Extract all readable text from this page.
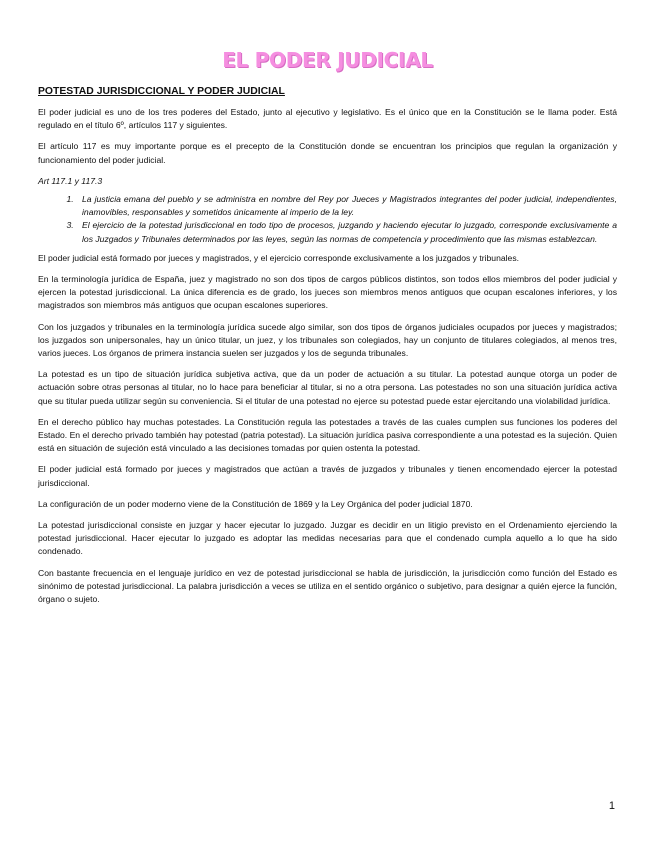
EL PODER JUDICIAL
POTESTAD JURISDICCIONAL Y PODER JUDICIAL

El poder judicial es uno de los tres poderes del Estado, junto al ejecutivo y legislativo. Es el único que en la Constitución se le llama poder. Está regulado en el título 6º, artículos 117 y siguientes.

El artículo 117 es muy importante porque es el precepto de la Constitución donde se encuentran los principios que regulan la organización y funcionamiento del poder judicial.

Art 117.1 y 117.3

1. La justicia emana del pueblo y se administra en nombre del Rey por Jueces y Magistrados integrantes del poder judicial, independientes, inamovibles, responsables y sometidos únicamente al imperio de la ley.
3. El ejercicio de la potestad jurisdiccional en todo tipo de procesos, juzgando y haciendo ejecutar lo juzgado, corresponde exclusivamente a los Juzgados y Tribunales determinados por las leyes, según las normas de competencia y procedimiento que las mismas establezcan.

El poder judicial está formado por jueces y magistrados, y el ejercicio corresponde exclusivamente a los juzgados y tribunales.

En la terminología jurídica de España, juez y magistrado no son dos tipos de cargos públicos distintos, son todos ellos miembros del poder judicial y ejercen la potestad jurisdiccional. La única diferencia es de grado, los jueces son miembros menos antiguos que ocupan escalones inferiores, y los magistrados son miembros más antiguos que ocupan escalones superiores.

Con los juzgados y tribunales en la terminología jurídica sucede algo similar, son dos tipos de órganos judiciales ocupados por jueces y magistrados; los juzgados son unipersonales, hay un único titular, un juez, y los tribunales son colegiados, hay un conjunto de titulares colegiados, al menos tres, varios jueces. Los órganos de primera instancia suelen ser juzgados y los de segunda tribunales.

La potestad es un tipo de situación jurídica subjetiva activa, que da un poder de actuación a su titular. La potestad aunque otorga un poder de actuación sobre otras personas al titular, no lo hace para beneficiar al titular, si no a otra persona. Las potestades no son una situación jurídica activa que su titular pueda utilizar según su conveniencia. Si el titular de una potestad no ejerce su potestad puede estar ejercitando una violabilidad jurídica.

En el derecho público hay muchas potestades. La Constitución regula las potestades a través de las cuales cumplen sus funciones los poderes del Estado. En el derecho privado también hay potestad (patria potestad). La situación jurídica pasiva correspondiente a una potestad es la sujeción. Quien está en situación de sujeción está vinculado a las decisiones tomadas por quien ostenta la potestad.

El poder judicial está formado por jueces y magistrados que actúan a través de juzgados y tribunales y tienen encomendado ejercer la potestad jurisdiccional.

La configuración de un poder moderno viene de la Constitución de 1869 y la Ley Orgánica del poder judicial 1870.

La potestad jurisdiccional consiste en juzgar y hacer ejecutar lo juzgado. Juzgar es decidir en un litigio previsto en el Ordenamiento ejerciendo la potestad jurisdiccional. Hacer ejecutar lo juzgado es adoptar las medidas necesarias para que el condenado cumpla aquello a lo que ha sido condenado.

Con bastante frecuencia en el lenguaje jurídico en vez de potestad jurisdiccional se habla de jurisdicción, la jurisdicción como función del Estado es sinónimo de potestad jurisdiccional. La palabra jurisdicción a veces se utiliza en el sentido orgánico o subjetivo, para designar a quién ejerce la función, órgano o sujeto.

1
